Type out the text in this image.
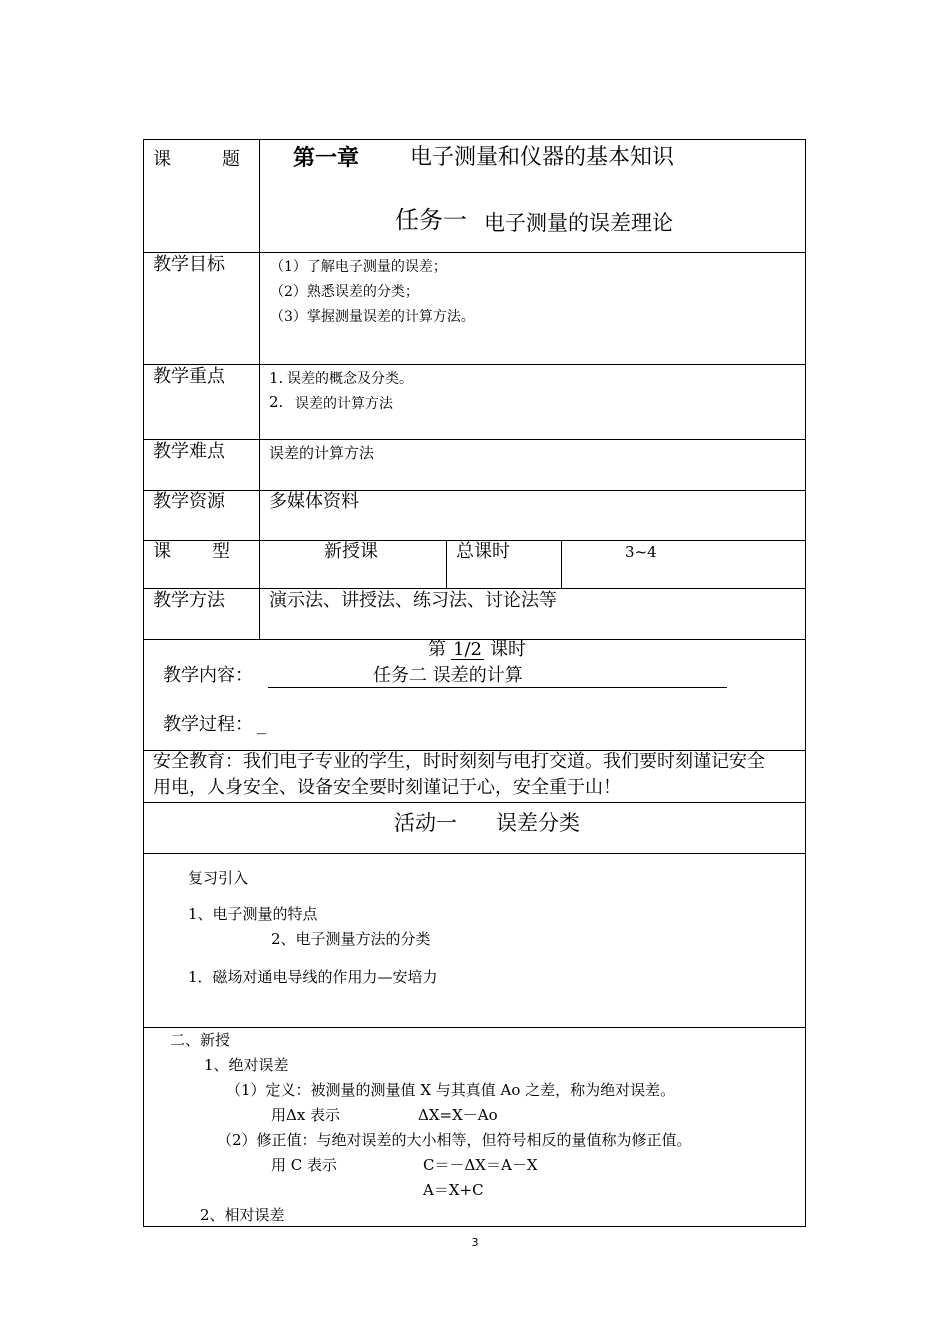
课	题 第一章 电子测量和仪器的基本知识
任务一 电子测量的误差理论
教学目标	（1）了解电子测量的误差；
（2）熟悉误差的分类；
（3）掌握测量误差的计算方法。
教学重点	1. 误差的概念及分类。
2. 误差的计算方法
教学难点	误差的计算方法
教学资源 多媒体资料
课 型	新授课	总课时	3~4
教学方法 演示法、讲授法、练习法、讨论法等
第 1/2 课时
教学内容：	任务二 误差的计算
教学过程： _
安全教育：我们电子专业的学生，时时刻刻与电打交道。我们要时刻谨记安全
用电，人身安全、设备安全要时刻谨记于心，安全重于山！
活动一 误差分类
复习引入
1、电子测量的特点
2、电子测量方法的分类
1．磁场对通电导线的作用力—安培力
二、新授
1、绝对误差
（1）定义：被测量的测量值 X 与其真值 Ao 之差，称为绝对误差。
用Δx 表示	ΔX=X－Ao
（2）修正值：与绝对误差的大小相等，但符号相反的量值称为修正值。
用 C 表示	C＝－ΔX＝A－X
A＝X+C
2、相对误差
3
